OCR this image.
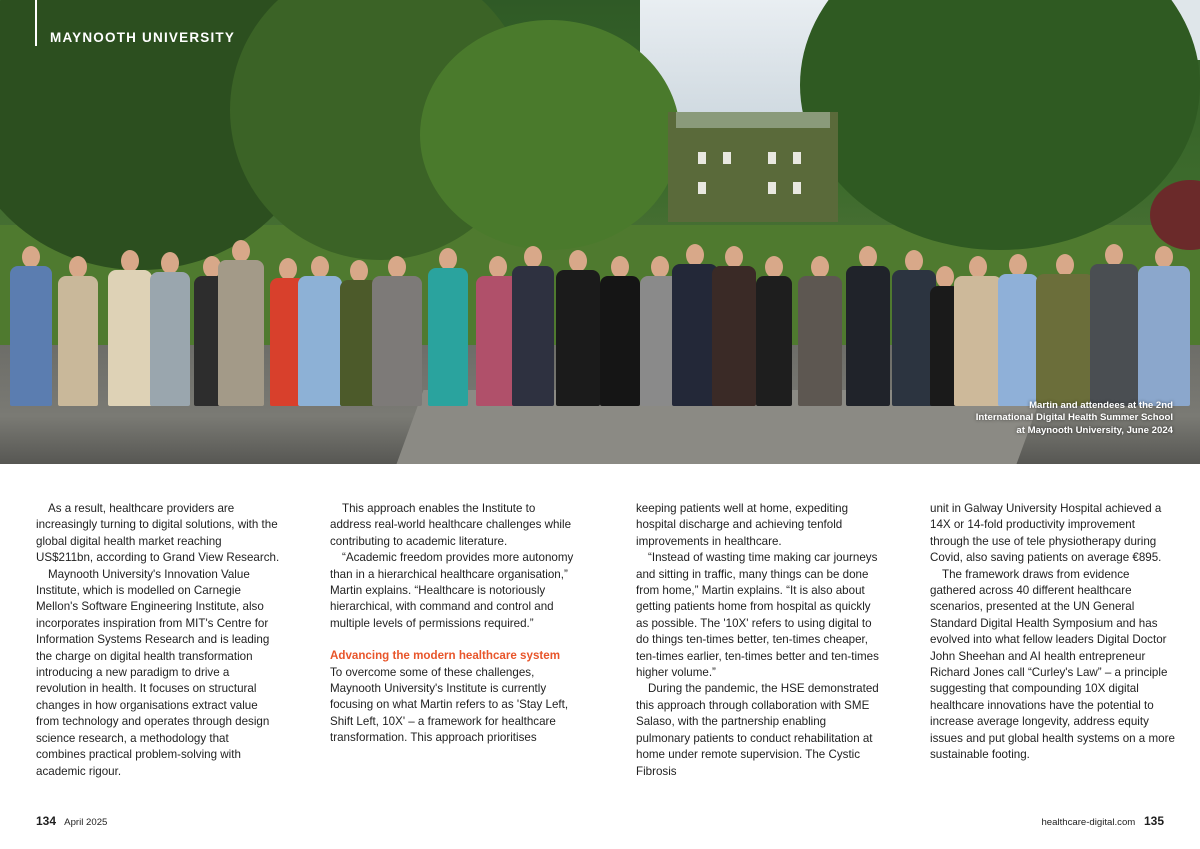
MAYNOOTH UNIVERSITY
Martin and attendees at the 2nd International Digital Health Summer School at Maynooth University, June 2024

As a result, healthcare providers are increasingly turning to digital solutions, with the global digital health market reaching US$211bn, according to Grand View Research.

Maynooth University's Innovation Value Institute, which is modelled on Carnegie Mellon's Software Engineering Institute, also incorporates inspiration from MIT's Centre for Information Systems Research and is leading the charge on digital health transformation introducing a new paradigm to drive a revolution in health. It focuses on structural changes in how organisations extract value from technology and operates through design science research, a methodology that combines practical problem-solving with academic rigour.

This approach enables the Institute to address real-world healthcare challenges while contributing to academic literature.

“Academic freedom provides more autonomy than in a hierarchical healthcare organisation,” Martin explains. “Healthcare is notoriously hierarchical, with command and control and multiple levels of permissions required.”

Advancing the modern healthcare system

To overcome some of these challenges, Maynooth University's Institute is currently focusing on what Martin refers to as 'Stay Left, Shift Left, 10X' – a framework for healthcare transformation. This approach prioritises

keeping patients well at home, expediting hospital discharge and achieving tenfold improvements in healthcare.

“Instead of wasting time making car journeys and sitting in traffic, many things can be done from home,” Martin explains. “It is also about getting patients home from hospital as quickly as possible. The '10X' refers to using digital to do things ten-times better, ten-times cheaper, ten-times earlier, ten-times better and ten-times higher volume.”

During the pandemic, the HSE demonstrated this approach through collaboration with SME Salaso, with the partnership enabling pulmonary patients to conduct rehabilitation at home under remote supervision. The Cystic Fibrosis

unit in Galway University Hospital achieved a 14X or 14-fold productivity improvement through the use of tele physiotherapy during Covid, also saving patients on average €895.

The framework draws from evidence gathered across 40 different healthcare scenarios, presented at the UN General Standard Digital Health Symposium and has evolved into what fellow leaders Digital Doctor John Sheehan and AI health entrepreneur Richard Jones call “Curley's Law” – a principle suggesting that compounding 10X digital healthcare innovations have the potential to increase average longevity, address equity issues and put global health systems on a more sustainable footing.

134 April 2025	healthcare-digital.com 135
